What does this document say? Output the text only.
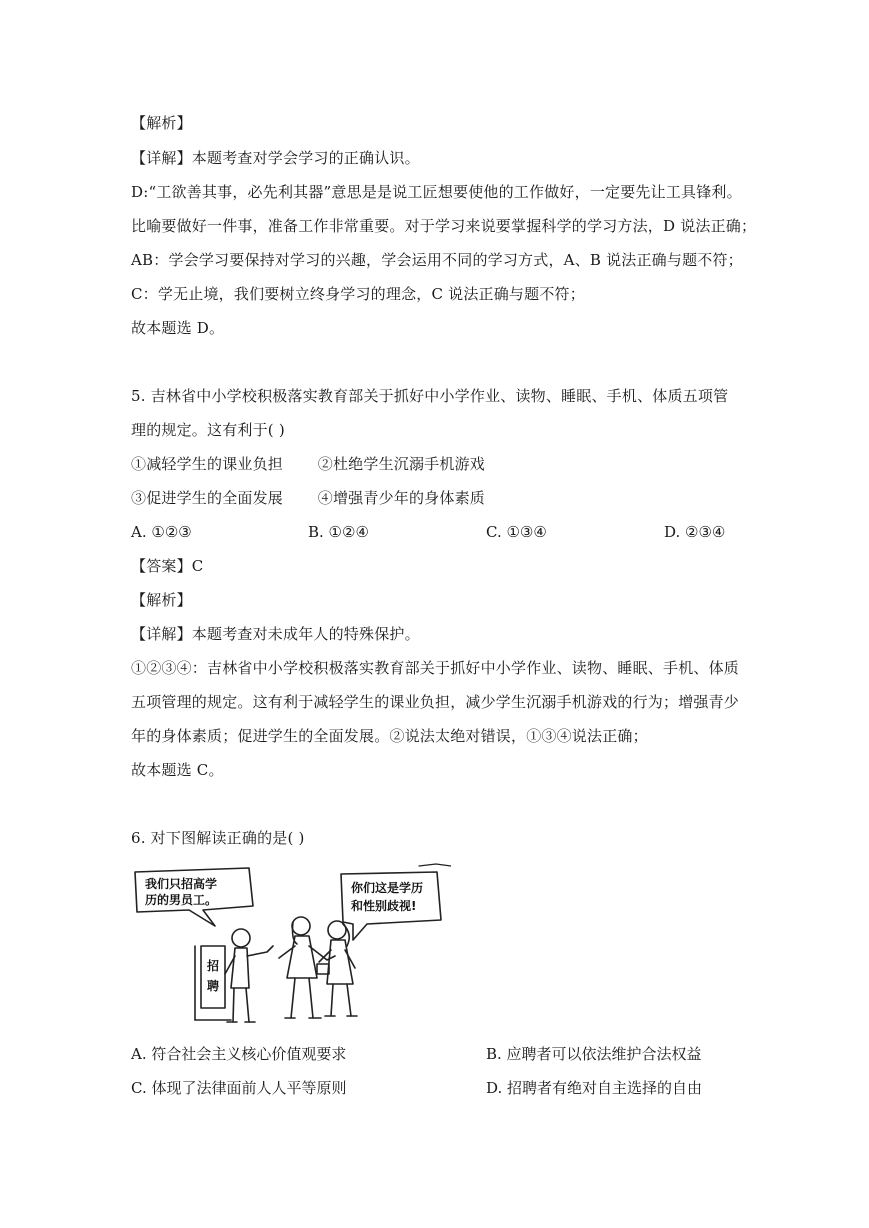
【解析】
【详解】本题考查对学会学习的正确认识。
D:“工欲善其事，必先利其器”意思是是说工匠想要使他的工作做好，一定要先让工具锋利。
比喻要做好一件事，准备工作非常重要。对于学习来说要掌握科学的学习方法，D 说法正确；
AB：学会学习要保持对学习的兴趣，学会运用不同的学习方式，A、B 说法正确与题不符；
C：学无止境，我们要树立终身学习的理念，C 说法正确与题不符；
故本题选 D。
5. 吉林省中小学校积极落实教育部关于抓好中小学作业、读物、睡眠、手机、体质五项管
理的规定。这有利于( )
①减轻学生的课业负担       ②杜绝学生沉溺手机游戏
③促进学生的全面发展       ④增强青少年的身体素质
A. ①②③	B. ①②④	C. ①③④	D. ②③④
【答案】C
【解析】
【详解】本题考查对未成年人的特殊保护。
①②③④：吉林省中小学校积极落实教育部关于抓好中小学作业、读物、睡眠、手机、体质
五项管理的规定。这有利于减轻学生的课业负担，减少学生沉溺手机游戏的行为；增强青少
年的身体素质；促进学生的全面发展。②说法太绝对错误，①③④说法正确；
故本题选 C。
6. 对下图解读正确的是( )
我们只招高学
历的男员工。
你们这是学历
和性别歧视!
招
聘
A. 符合社会主义核心价值观要求	B. 应聘者可以依法维护合法权益
C. 体现了法律面前人人平等原则	D. 招聘者有绝对自主选择的自由
